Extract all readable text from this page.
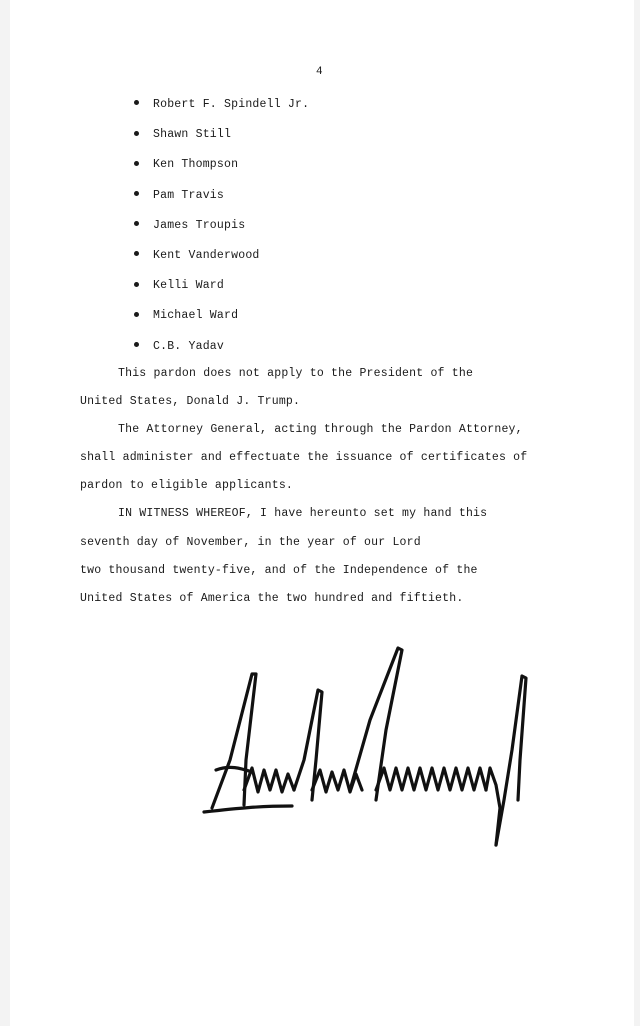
4
Robert F. Spindell Jr.
Shawn Still
Ken Thompson
Pam Travis
James Troupis
Kent Vanderwood
Kelli Ward
Michael Ward
C.B. Yadav
This pardon does not apply to the President of the
United States, Donald J. Trump.
The Attorney General, acting through the Pardon Attorney,
shall administer and effectuate the issuance of certificates of
pardon to eligible applicants.
IN WITNESS WHEREOF, I have hereunto set my hand this
seventh day of November, in the year of our Lord
two thousand twenty-five, and of the Independence of the
United States of America the two hundred and fiftieth.
